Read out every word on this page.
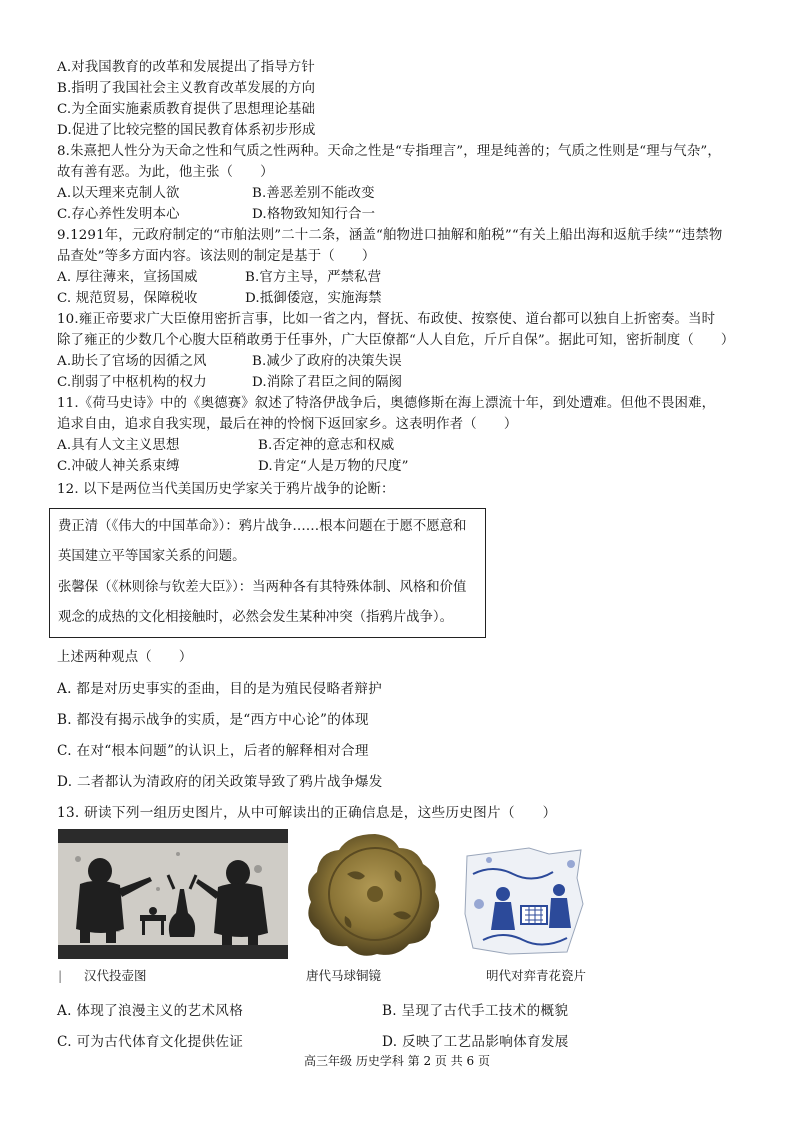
A.对我国教育的改革和发展提出了指导方针
B.指明了我国社会主义教育改革发展的方向
C.为全面实施素质教育提供了思想理论基础
D.促进了比较完整的国民教育体系初步形成
8.朱熹把人性分为天命之性和气质之性两种。天命之性是“专指理言”，理是纯善的；气质之性则是“理与气杂”，
故有善有恶。为此，他主张（　　）
A.以天理来克制人欲	B.善恶差别不能改变
C.存心养性发明本心	D.格物致知知行合一
9.1291年，元政府制定的“市舶法则”二十二条，涵盖“舶物进口抽解和舶税”“有关上船出海和返航手续”“违禁物
品查处”等多方面内容。该法则的制定是基于（　　）
A. 厚往薄来，宣扬国威	B.官方主导，严禁私营
C. 规范贸易，保障税收	D.抵御倭寇，实施海禁
10.雍正帝要求广大臣僚用密折言事，比如一省之内，督抚、布政使、按察使、道台都可以独自上折密奏。当时
除了雍正的少数几个心腹大臣稍敢勇于任事外，广大臣僚都“人人自危，斤斤自保”。据此可知，密折制度（　　）
A.助长了官场的因循之风	B.减少了政府的决策失误
C.削弱了中枢机构的权力	D.消除了君臣之间的隔阂
11.《荷马史诗》中的《奥德赛》叙述了特洛伊战争后，奥德修斯在海上漂流十年，到处遭难。但他不畏困难，
追求自由，追求自我实现，最后在神的怜悯下返回家乡。这表明作者（　　）
A.具有人文主义思想	B.否定神的意志和权威
C.冲破人神关系束缚	D.肯定“人是万物的尺度”
12. 以下是两位当代美国历史学家关于鸦片战争的论断：
费正清（《伟大的中国革命》）：鸦片战争……根本问题在于愿不愿意和
英国建立平等国家关系的问题。
张馨保（《林则徐与钦差大臣》）：当两种各有其特殊体制、风格和价值
观念的成热的文化相接触时，必然会发生某种冲突（指鸦片战争）。
上述两种观点（　　）
A. 都是对历史事实的歪曲，目的是为殖民侵略者辩护
B. 都没有揭示战争的实质，是“西方中心论”的体现
C. 在对“根本问题”的认识上，后者的解释相对合理
D. 二者都认为清政府的闭关政策导致了鸦片战争爆发
13. 研读下列一组历史图片，从中可解读出的正确信息是，这些历史图片（　　）
| 汉代投壶图	唐代马球铜镜	明代对弈青花瓷片
A. 体现了浪漫主义的艺术风格	B. 呈现了古代手工技术的概貌
C. 可为古代体育文化提供佐证	D. 反映了工艺品影响体育发展
高三年级 历史学科 第 2 页 共 6 页
